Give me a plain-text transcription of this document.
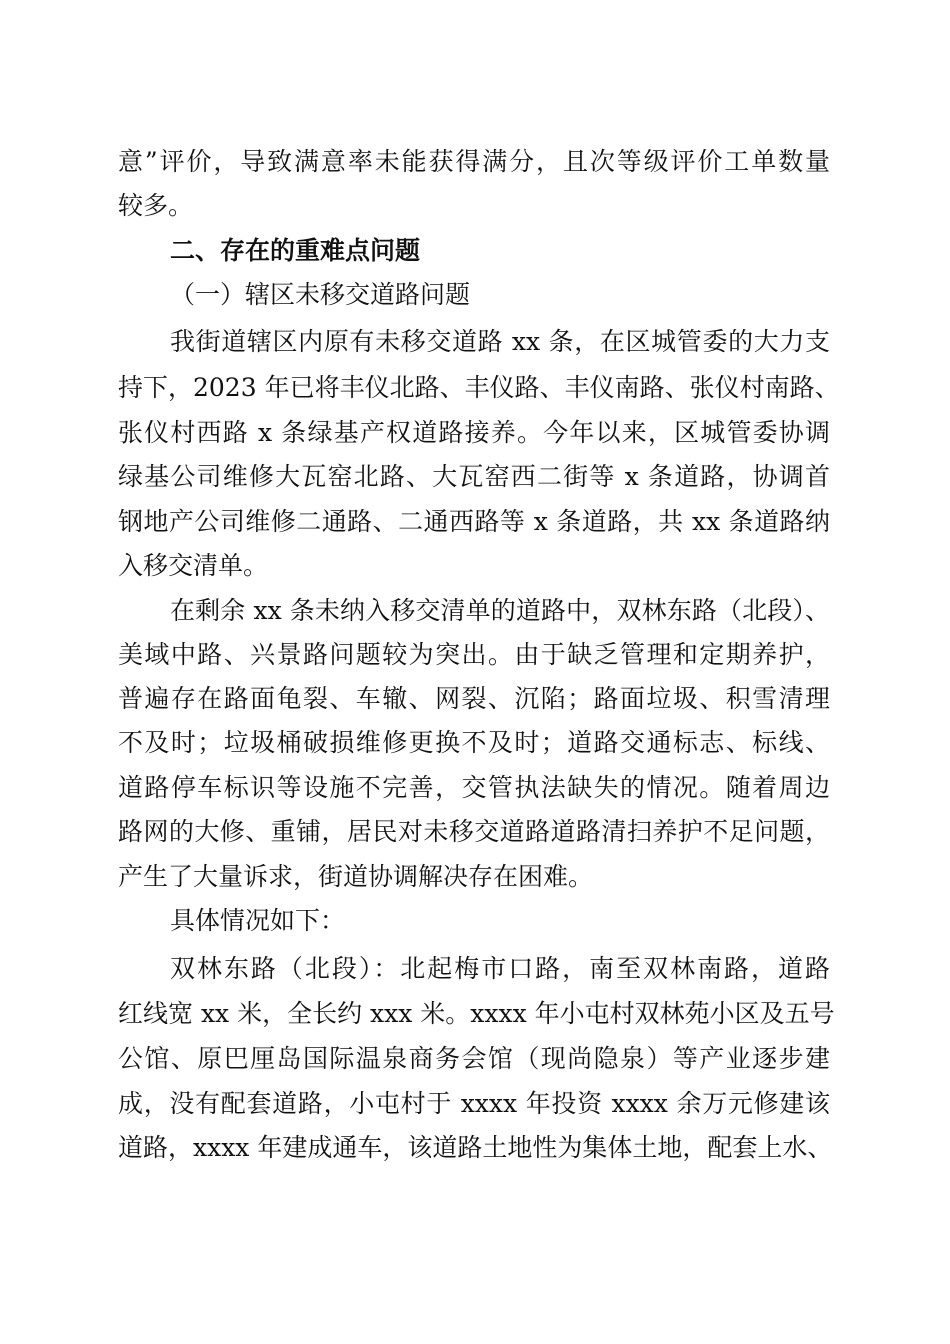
意”评价，导致满意率未能获得满分，且次等级评价工单数量
较多。
二、存在的重难点问题
（一）辖区未移交道路问题
我街道辖区内原有未移交道路 xx 条，在区城管委的大力支
持下，2023 年已将丰仪北路、丰仪路、丰仪南路、张仪村南路、
张仪村西路 x 条绿基产权道路接养。今年以来，区城管委协调
绿基公司维修大瓦窑北路、大瓦窑西二街等 x 条道路，协调首
钢地产公司维修二通路、二通西路等 x 条道路，共 xx 条道路纳
入移交清单。
在剩余 xx 条未纳入移交清单的道路中，双林东路（北段）、
美域中路、兴景路问题较为突出。由于缺乏管理和定期养护，
普遍存在路面龟裂、车辙、网裂、沉陷；路面垃圾、积雪清理
不及时；垃圾桶破损维修更换不及时；道路交通标志、标线、
道路停车标识等设施不完善，交管执法缺失的情况。随着周边
路网的大修、重铺，居民对未移交道路道路清扫养护不足问题，
产生了大量诉求，街道协调解决存在困难。
具体情况如下：
双林东路（北段）：北起梅市口路，南至双林南路，道路
红线宽 xx 米，全长约 xxx 米。xxxx 年小屯村双林苑小区及五号
公馆、原巴厘岛国际温泉商务会馆（现尚隐泉）等产业逐步建
成，没有配套道路，小屯村于 xxxx 年投资 xxxx 余万元修建该
道路，xxxx 年建成通车，该道路土地性为集体土地，配套上水、
